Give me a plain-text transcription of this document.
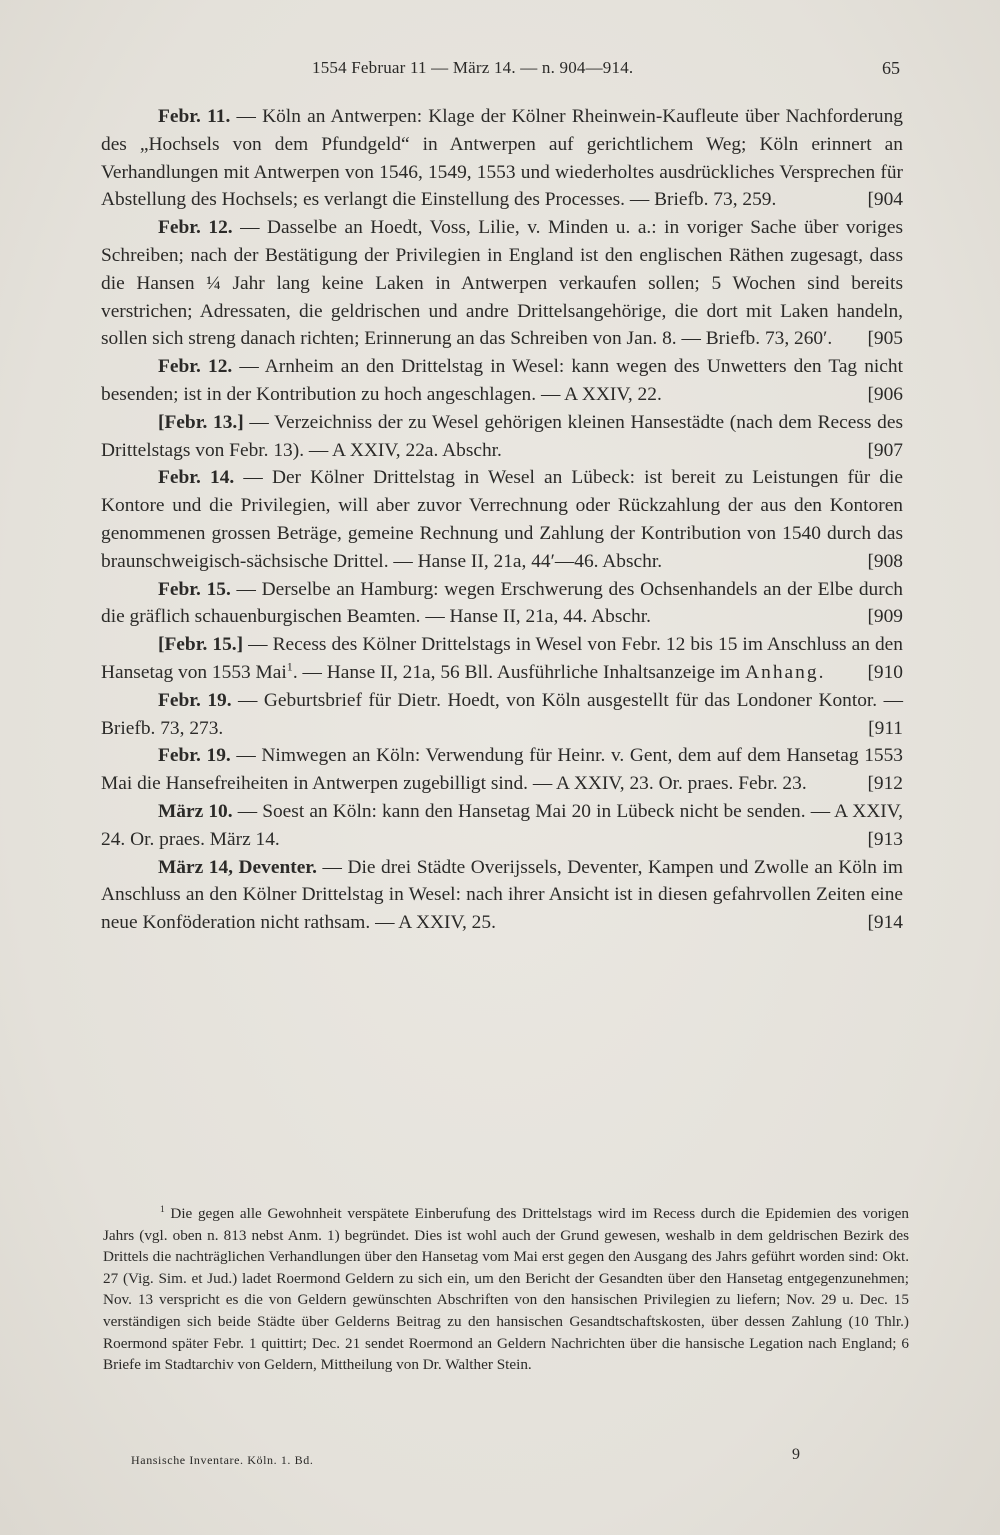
1554 Februar 11 — März 14. — n. 904—914.	65

Febr. 11. — Köln an Antwerpen: Klage der Kölner Rheinwein-Kaufleute über Nachforderung des „Hochsels von dem Pfundgeld“ in Antwerpen auf gerichtlichem Weg; Köln erinnert an Verhandlungen mit Antwerpen von 1546, 1549, 1553 und wiederholtes ausdrückliches Versprechen für Abstellung des Hochsels; es verlangt die Einstellung des Processes. — Briefb. 73, 259.	[904

Febr. 12. — Dasselbe an Hoedt, Voss, Lilie, v. Minden u. a.: in voriger Sache über voriges Schreiben; nach der Bestätigung der Privilegien in England ist den englischen Räthen zugesagt, dass die Hansen ¼ Jahr lang keine Laken in Antwerpen verkaufen sollen; 5 Wochen sind bereits verstrichen; Adressaten, die geldrischen und andre Drittelsangehörige, die dort mit Laken handeln, sollen sich streng danach richten; Erinnerung an das Schreiben von Jan. 8. — Briefb. 73, 260′. [905

Febr. 12. — Arnheim an den Drittelstag in Wesel: kann wegen des Unwetters den Tag nicht besenden; ist in der Kontribution zu hoch angeschlagen. — A XXIV, 22.	[906

[Febr. 13.] — Verzeichniss der zu Wesel gehörigen kleinen Hansestädte (nach dem Recess des Drittelstags von Febr. 13). — A XXIV, 22a. Abschr.	[907

Febr. 14. — Der Kölner Drittelstag in Wesel an Lübeck: ist bereit zu Leistungen für die Kontore und die Privilegien, will aber zuvor Verrechnung oder Rückzahlung der aus den Kontoren genommenen grossen Beträge, gemeine Rechnung und Zahlung der Kontribution von 1540 durch das braunschweigisch-sächsische Drittel. — Hanse II, 21a, 44′—46. Abschr.	[908

Febr. 15. — Derselbe an Hamburg: wegen Erschwerung des Ochsenhandels an der Elbe durch die gräflich schauenburgischen Beamten. — Hanse II, 21a, 44. Abschr.	[909

[Febr. 15.] — Recess des Kölner Drittelstags in Wesel von Febr. 12 bis 15 im Anschluss an den Hansetag von 1553 Mai$^1$. — Hanse II, 21a, 56 Bll. Ausführliche Inhaltsanzeige im Anhang. [910

Febr. 19. — Geburtsbrief für Dietr. Hoedt, von Köln ausgestellt für das Londoner Kontor. — Briefb. 73, 273.	[911

Febr. 19. — Nimwegen an Köln: Verwendung für Heinr. v. Gent, dem auf dem Hansetag 1553 Mai die Hansefreiheiten in Antwerpen zugebilligt sind. — A XXIV, 23. Or. praes. Febr. 23.	[912

März 10. — Soest an Köln: kann den Hansetag Mai 20 in Lübeck nicht be senden. — A XXIV, 24. Or. praes. März 14.	[913

März 14, Deventer. — Die drei Städte Overijssels, Deventer, Kampen und Zwolle an Köln im Anschluss an den Kölner Drittelstag in Wesel: nach ihrer Ansicht ist in diesen gefahrvollen Zeiten eine neue Konföderation nicht rathsam. — A XXIV, 25.	[914

$^1$ Die gegen alle Gewohnheit verspätete Einberufung des Drittelstags wird im Recess durch die Epidemien des vorigen Jahrs (vgl. oben n. 813 nebst Anm. 1) begründet. Dies ist wohl auch der Grund gewesen, weshalb in dem geldrischen Bezirk des Drittels die nachträglichen Verhandlungen über den Hansetag vom Mai erst gegen den Ausgang des Jahrs geführt worden sind: Okt. 27 (Vig. Sim. et Jud.) ladet Roermond Geldern zu sich ein, um den Bericht der Gesandten über den Hansetag entgegenzunehmen; Nov. 13 verspricht es die von Geldern gewünschten Abschriften von den hansischen Privilegien zu liefern; Nov. 29 u. Dec. 15 verständigen sich beide Städte über Gelderns Beitrag zu den hansischen Gesandtschaftskosten, über dessen Zahlung (10 Thlr.) Roermond später Febr. 1 quittirt; Dec. 21 sendet Roermond an Geldern Nachrichten über die hansische Legation nach England; 6 Briefe im Stadtarchiv von Geldern, Mittheilung von Dr. Walther Stein.
Hansische Inventare. Köln. 1. Bd.	9
